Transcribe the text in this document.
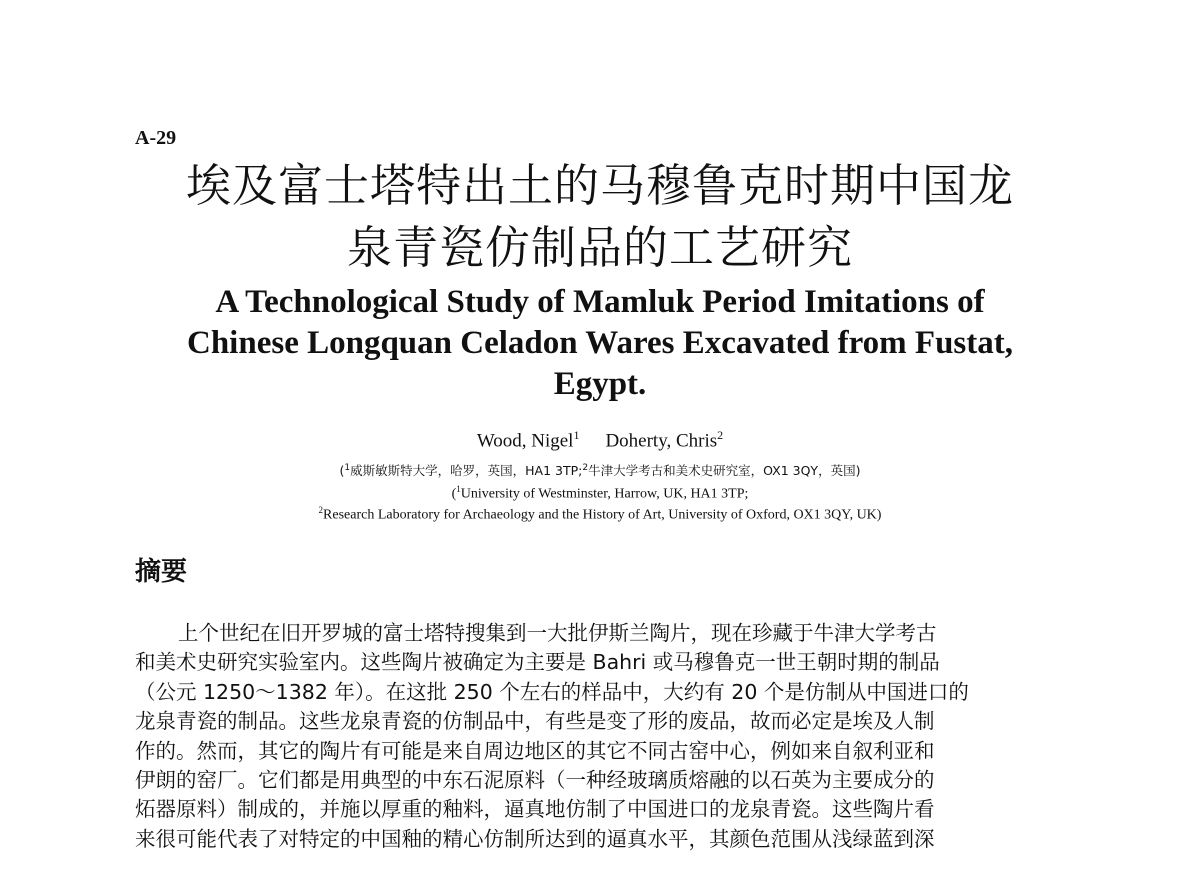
A-29
埃及富士塔特出土的马穆鲁克时期中国龙
泉青瓷仿制品的工艺研究
A Technological Study of Mamluk Period Imitations of
Chinese Longquan Celadon Wares Excavated from Fustat,
Egypt.
Wood, Nigel$^1$ Doherty, Chris$^2$
($^1$威斯敏斯特大学，哈罗，英国，HA1 3TP;$^2$牛津大学考古和美术史研究室，OX1 3QY，英国)
($^1$University of Westminster, Harrow, UK, HA1 3TP;
$^2$Research Laboratory for Archaeology and the History of Art, University of Oxford, OX1 3QY, UK)
摘要
上个世纪在旧开罗城的富士塔特搜集到一大批伊斯兰陶片，现在珍藏于牛津大学考古
和美术史研究实验室内。这些陶片被确定为主要是 Bahri 或马穆鲁克一世王朝时期的制品
（公元 1250～1382 年）。在这批 250 个左右的样品中，大约有 20 个是仿制从中国进口的
龙泉青瓷的制品。这些龙泉青瓷的仿制品中，有些是变了形的废品，故而必定是埃及人制
作的。然而，其它的陶片有可能是来自周边地区的其它不同古窑中心，例如来自叙利亚和
伊朗的窑厂。它们都是用典型的中东石泥原料（一种经玻璃质熔融的以石英为主要成分的
炻器原料）制成的，并施以厚重的釉料，逼真地仿制了中国进口的龙泉青瓷。这些陶片看
来很可能代表了对特定的中国釉的精心仿制所达到的逼真水平，其颜色范围从浅绿蓝到深
